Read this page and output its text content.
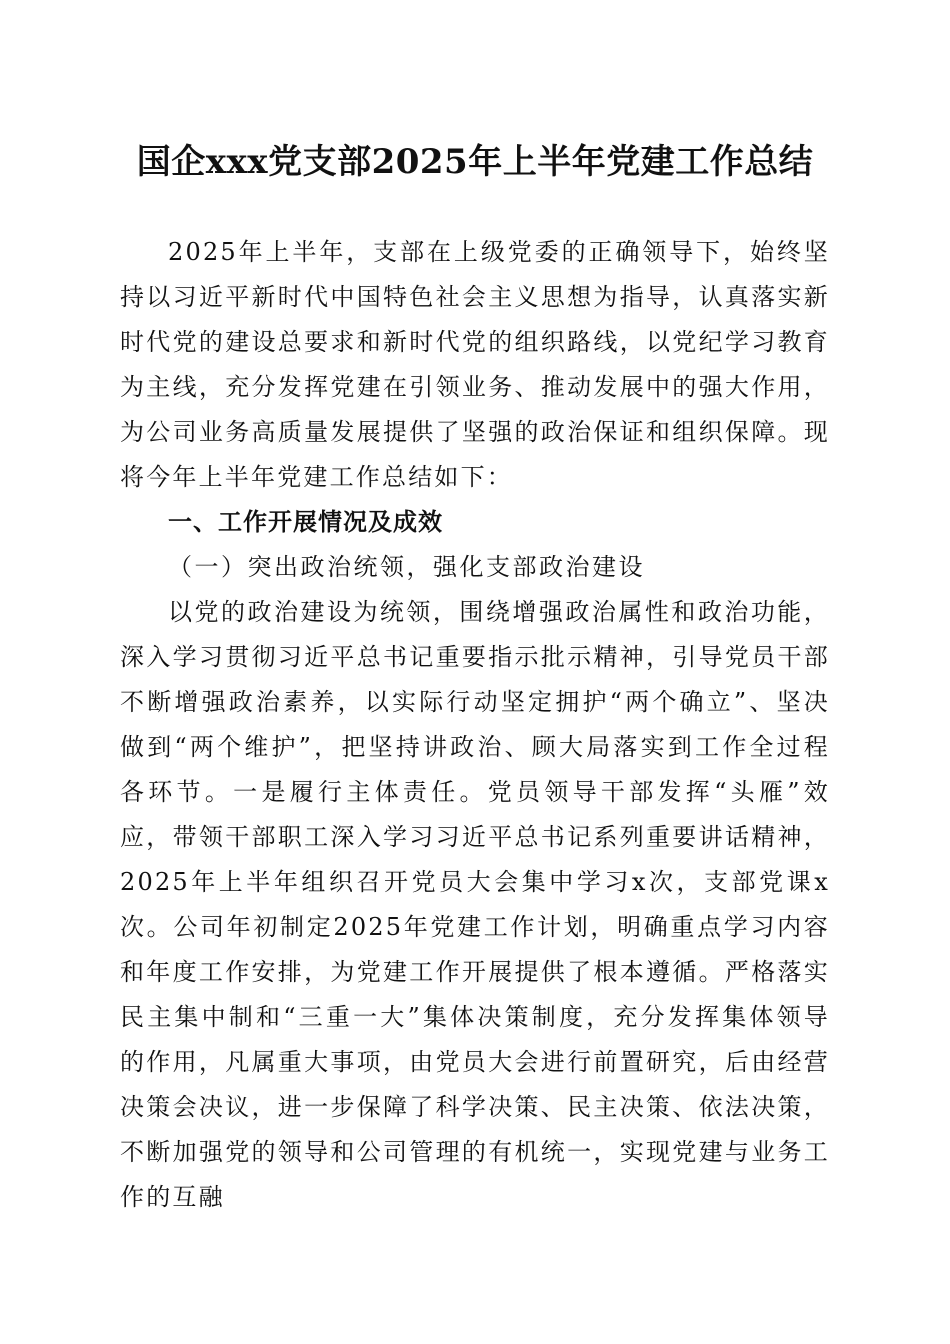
国企xxx党支部2025年上半年党建工作总结

2025年上半年，支部在上级党委的正确领导下，始终坚持以习近平新时代中国特色社会主义思想为指导，认真落实新时代党的建设总要求和新时代党的组织路线，以党纪学习教育为主线，充分发挥党建在引领业务、推动发展中的强大作用，为公司业务高质量发展提供了坚强的政治保证和组织保障。现将今年上半年党建工作总结如下：

一、工作开展情况及成效

（一）突出政治统领，强化支部政治建设

以党的政治建设为统领，围绕增强政治属性和政治功能，深入学习贯彻习近平总书记重要指示批示精神，引导党员干部不断增强政治素养，以实际行动坚定拥护“两个确立”、坚决做到“两个维护”，把坚持讲政治、顾大局落实到工作全过程各环节。一是履行主体责任。党员领导干部发挥“头雁”效应，带领干部职工深入学习习近平总书记系列重要讲话精神，2025年上半年组织召开党员大会集中学习x次，支部党课x次。公司年初制定2025年党建工作计划，明确重点学习内容和年度工作安排，为党建工作开展提供了根本遵循。严格落实民主集中制和“三重一大”集体决策制度，充分发挥集体领导的作用，凡属重大事项，由党员大会进行前置研究，后由经营决策会决议，进一步保障了科学决策、民主决策、依法决策，不断加强党的领导和公司管理的有机统一，实现党建与业务工作的互融
